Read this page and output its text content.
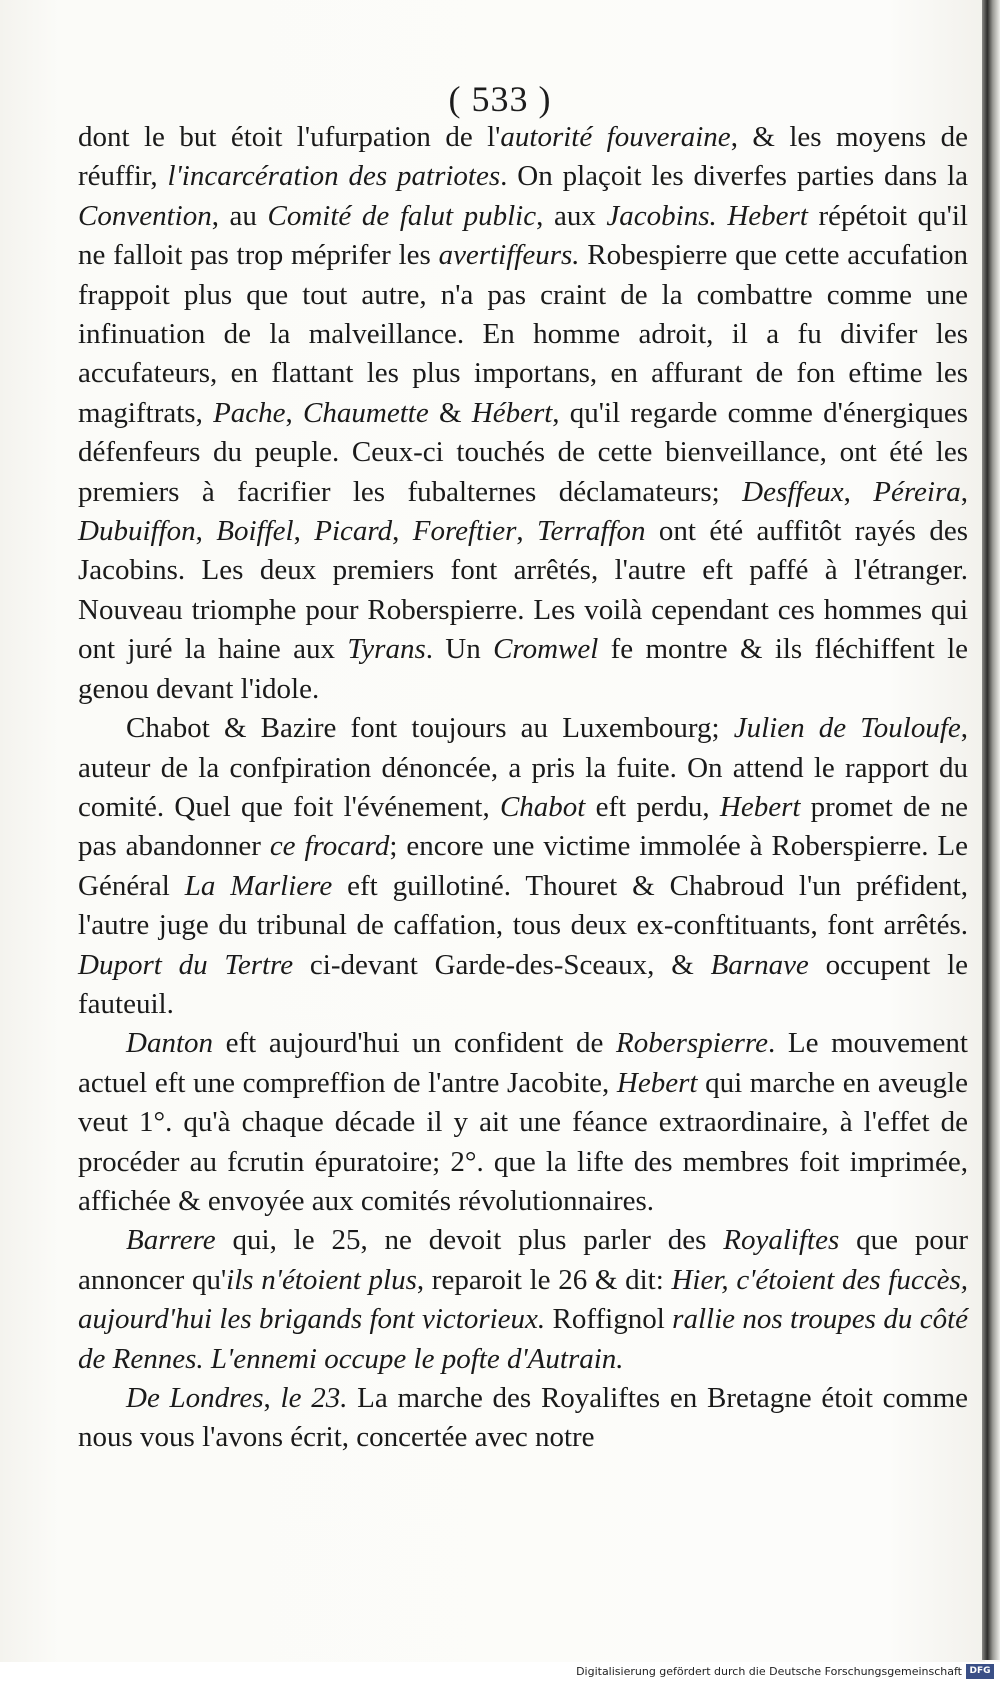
( 533 )

dont le but étoit l'ufurpation de l'autorité fouveraine, & les moyens de réuffir, l'incarcération des patriotes. On plaçoit les diverfes parties dans la Convention, au Comité de falut public, aux Jacobins. Hebert répétoit qu'il ne falloit pas trop méprifer les avertiffeurs. Robespierre que cette accufation frappoit plus que tout autre, n'a pas craint de la combattre comme une infinuation de la malveillance. En homme adroit, il a fu divifer les accufateurs, en flattant les plus importans, en affurant de fon eftime les magiftrats, Pache, Chaumette & Hébert, qu'il regarde comme d'énergiques défenfeurs du peuple. Ceux-ci touchés de cette bienveillance, ont été les premiers à facrifier les fubalternes déclamateurs; Desffeux, Péreira, Dubuiffon, Boiffel, Picard, Foreftier, Terraffon ont été auffitôt rayés des Jacobins. Les deux premiers font arrêtés, l'autre eft paffé à l'étranger. Nouveau triomphe pour Roberspierre. Les voilà cependant ces hommes qui ont juré la haine aux Tyrans. Un Cromwel fe montre & ils fléchiffent le genou devant l'idole.

Chabot & Bazire font toujours au Luxembourg; Julien de Touloufe, auteur de la confpiration dénoncée, a pris la fuite. On attend le rapport du comité. Quel que foit l'événement, Chabot eft perdu, Hebert promet de ne pas abandonner ce frocard; encore une victime immolée à Roberspierre. Le Général La Marliere eft guillotiné. Thouret & Chabroud l'un préfident, l'autre juge du tribunal de caffation, tous deux ex-conftituants, font arrêtés. Duport du Tertre ci-devant Garde-des-Sceaux, & Barnave occupent le fauteuil.

Danton eft aujourd'hui un confident de Roberspierre. Le mouvement actuel eft une compreffion de l'antre Jacobite, Hebert qui marche en aveugle veut 1°. qu'à chaque décade il y ait une féance extraordinaire, à l'effet de procéder au fcrutin épuratoire; 2°. que la lifte des membres foit imprimée, affichée & envoyée aux comités révolutionnaires.

Barrere qui, le 25, ne devoit plus parler des Royaliftes que pour annoncer qu'ils n'étoient plus, reparoit le 26 & dit: Hier, c'étoient des fuccès, aujourd'hui les brigands font victorieux. Roffignol rallie nos troupes du côté de Rennes. L'ennemi occupe le pofte d'Autrain.

De Londres, le 23. La marche des Royaliftes en Bretagne étoit comme nous vous l'avons écrit, concertée avec notre

Digitalisierung gefördert durch die Deutsche Forschungsgemeinschaft DFG
